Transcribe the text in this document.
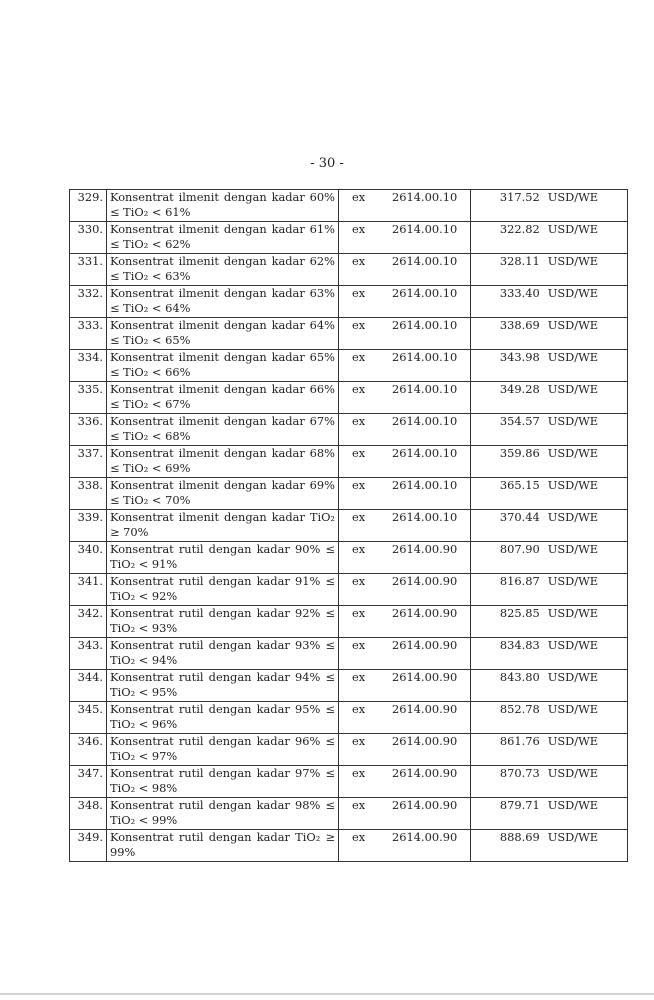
- 30 -
329.	Konsentrat ilmenit dengan kadar 60% ≤ TiO₂ < 61%	ex 2614.00.10	317.52 USD/WE
330.	Konsentrat ilmenit dengan kadar 61% ≤ TiO₂ < 62%	ex 2614.00.10	322.82 USD/WE
331.	Konsentrat ilmenit dengan kadar 62% ≤ TiO₂ < 63%	ex 2614.00.10	328.11 USD/WE
332.	Konsentrat ilmenit dengan kadar 63% ≤ TiO₂ < 64%	ex 2614.00.10	333.40 USD/WE
333.	Konsentrat ilmenit dengan kadar 64% ≤ TiO₂ < 65%	ex 2614.00.10	338.69 USD/WE
334.	Konsentrat ilmenit dengan kadar 65% ≤ TiO₂ < 66%	ex 2614.00.10	343.98 USD/WE
335.	Konsentrat ilmenit dengan kadar 66% ≤ TiO₂ < 67%	ex 2614.00.10	349.28 USD/WE
336.	Konsentrat ilmenit dengan kadar 67% ≤ TiO₂ < 68%	ex 2614.00.10	354.57 USD/WE
337.	Konsentrat ilmenit dengan kadar 68% ≤ TiO₂ < 69%	ex 2614.00.10	359.86 USD/WE
338.	Konsentrat ilmenit dengan kadar 69% ≤ TiO₂ < 70%	ex 2614.00.10	365.15 USD/WE
339.	Konsentrat ilmenit dengan kadar TiO₂ ≥ 70%	ex 2614.00.10	370.44 USD/WE
340.	Konsentrat rutil dengan kadar 90% ≤ TiO₂ < 91%	ex 2614.00.90	807.90 USD/WE
341.	Konsentrat rutil dengan kadar 91% ≤ TiO₂ < 92%	ex 2614.00.90	816.87 USD/WE
342.	Konsentrat rutil dengan kadar 92% ≤ TiO₂ < 93%	ex 2614.00.90	825.85 USD/WE
343.	Konsentrat rutil dengan kadar 93% ≤ TiO₂ < 94%	ex 2614.00.90	834.83 USD/WE
344.	Konsentrat rutil dengan kadar 94% ≤ TiO₂ < 95%	ex 2614.00.90	843.80 USD/WE
345.	Konsentrat rutil dengan kadar 95% ≤ TiO₂ < 96%	ex 2614.00.90	852.78 USD/WE
346.	Konsentrat rutil dengan kadar 96% ≤ TiO₂ < 97%	ex 2614.00.90	861.76 USD/WE
347.	Konsentrat rutil dengan kadar 97% ≤ TiO₂ < 98%	ex 2614.00.90	870.73 USD/WE
348.	Konsentrat rutil dengan kadar 98% ≤ TiO₂ < 99%	ex 2614.00.90	879.71 USD/WE
349.	Konsentrat rutil dengan kadar TiO₂ ≥ 99%	ex 2614.00.90	888.69 USD/WE
